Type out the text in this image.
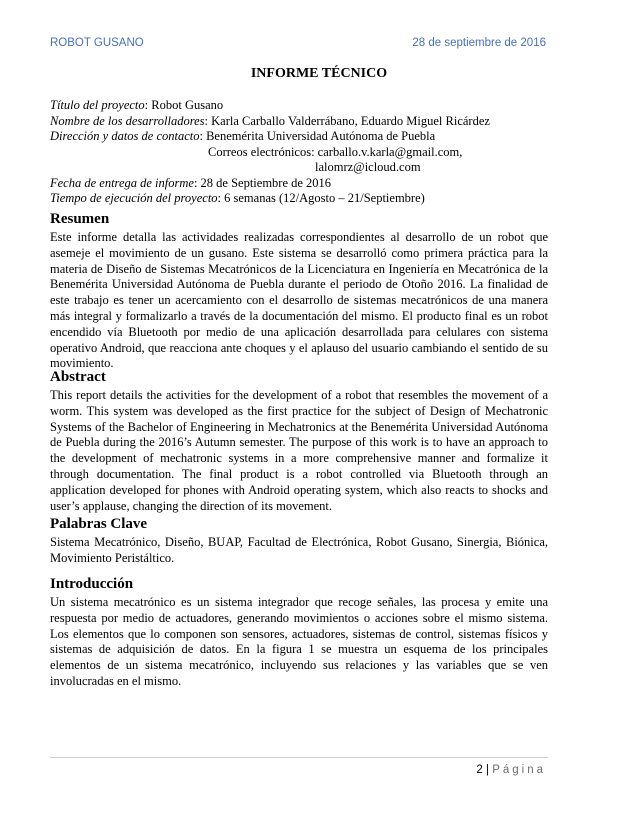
ROBOT GUSANO	28 de septiembre de 2016
INFORME TÉCNICO
Título del proyecto: Robot Gusano
Nombre de los desarrolladores: Karla Carballo Valderrábano, Eduardo Miguel Ricárdez
Dirección y datos de contacto: Benemérita Universidad Autónoma de Puebla
Correos electrónicos: carballo.v.karla@gmail.com,
lalomrz@icloud.com
Fecha de entrega de informe: 28 de Septiembre de 2016
Tiempo de ejecución del proyecto: 6 semanas (12/Agosto – 21/Septiembre)
Resumen

Este informe detalla las actividades realizadas correspondientes al desarrollo de un robot que asemeje el movimiento de un gusano. Este sistema se desarrolló como primera práctica para la materia de Diseño de Sistemas Mecatrónicos de la Licenciatura en Ingeniería en Mecatrónica de la Benemérita Universidad Autónoma de Puebla durante el periodo de Otoño 2016. La finalidad de este trabajo es tener un acercamiento con el desarrollo de sistemas mecatrónicos de una manera más integral y formalizarlo a través de la documentación del mismo. El producto final es un robot encendido vía Bluetooth por medio de una aplicación desarrollada para celulares con sistema operativo Android, que reacciona ante choques y el aplauso del usuario cambiando el sentido de su movimiento.

Abstract

This report details the activities for the development of a robot that resembles the movement of a worm. This system was developed as the first practice for the subject of Design of Mechatronic Systems of the Bachelor of Engineering in Mechatronics at the Benemérita Universidad Autónoma de Puebla during the 2016’s Autumn semester. The purpose of this work is to have an approach to the development of mechatronic systems in a more comprehensive manner and formalize it through documentation. The final product is a robot controlled via Bluetooth through an application developed for phones with Android operating system, which also reacts to shocks and user’s applause, changing the direction of its movement.

Palabras Clave

Sistema Mecatrónico, Diseño, BUAP, Facultad de Electrónica, Robot Gusano, Sinergia, Biónica, Movimiento Peristáltico.

Introducción

Un sistema mecatrónico es un sistema integrador que recoge señales, las procesa y emite una respuesta por medio de actuadores, generando movimientos o acciones sobre el mismo sistema. Los elementos que lo componen son sensores, actuadores, sistemas de control, sistemas físicos y sistemas de adquisición de datos. En la figura 1 se muestra un esquema de los principales elementos de un sistema mecatrónico, incluyendo sus relaciones y las variables que se ven involucradas en el mismo.

2 | Página
